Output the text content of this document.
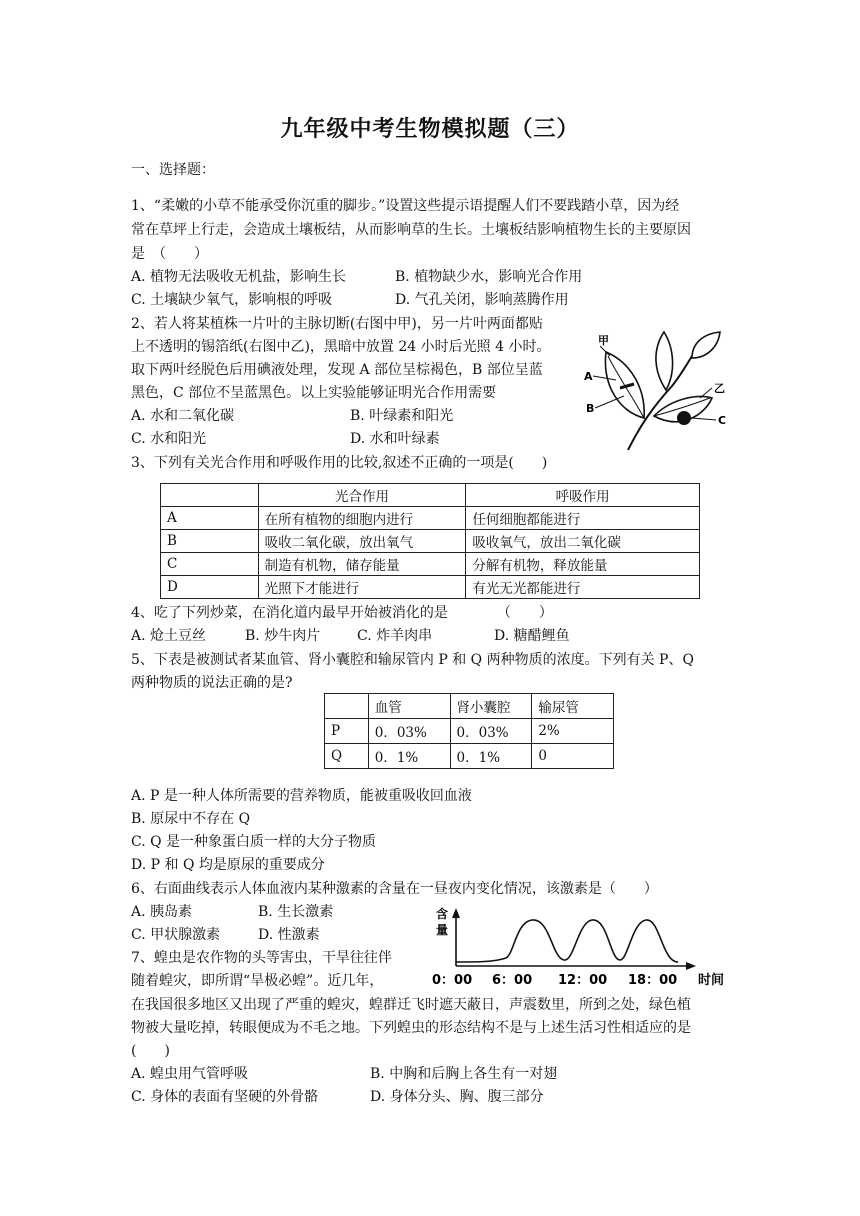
九年级中考生物模拟题（三）
一、选择题：
1、“柔嫩的小草不能承受你沉重的脚步。”设置这些提示语提醒人们不要践踏小草，因为经
常在草坪上行走，会造成土壤板结，从而影响草的生长。土壤板结影响植物生长的主要原因
是　（　　）
A. 植物无法吸收无机盐，影响生长	B. 植物缺少水，影响光合作用
C. 土壤缺少氧气，影响根的呼吸	D. 气孔关闭，影响蒸腾作用
2、若人将某植株一片叶的主脉切断(右图中甲)，另一片叶两面都贴
上不透明的锡箔纸(右图中乙)，黑暗中放置 24 小时后光照 4 小时。
取下两叶经脱色后用碘液处理，发现 A 部位呈棕褐色，B 部位呈蓝
黑色，C 部位不呈蓝黑色。以上实验能够证明光合作用需要
A. 水和二氧化碳	B. 叶绿素和阳光
C. 水和阳光	D. 水和叶绿素
甲
A
B
乙
C
3、下列有关光合作用和呼吸作用的比较,叙述不正确的一项是(　　)
	光合作用	呼吸作用
A	在所有植物的细胞内进行	任何细胞都能进行
B	吸收二氧化碳，放出氧气	吸收氧气，放出二氧化碳
C	制造有机物，储存能量	分解有机物，释放能量
D	光照下才能进行	有光无光都能进行
4、吃了下列炒菜，在消化道内最早开始被消化的是　　　　（　　）
A. 炝土豆丝	B. 炒牛肉片	C. 炸羊肉串	D. 糖醋鲤鱼
5、下表是被测试者某血管、肾小囊腔和输尿管内 P 和 Q 两种物质的浓度。下列有关 P、Q
两种物质的说法正确的是?
	血管	肾小囊腔	输尿管
P	0．03%	0．03%	2%
Q	0．1%	0．1%	0
A. P 是一种人体所需要的营养物质，能被重吸收回血液
B. 原尿中不存在 Q
C. Q 是一种象蛋白质一样的大分子物质
D. P 和 Q 均是原尿的重要成分
6、右面曲线表示人体血液内某种激素的含量在一昼夜内变化情况，该激素是（　　）
A. 胰岛素	B. 生长激素
C. 甲状腺激素	D. 性激素
含
量
0：00 6：00 12：00 18：00 时间
7、蝗虫是农作物的头等害虫，干旱往往伴
随着蝗灾，即所谓“旱极必蝗”。近几年，
在我国很多地区又出现了严重的蝗灾，蝗群迁飞时遮天蔽日，声震数里，所到之处，绿色植
物被大量吃掉，转眼便成为不毛之地。下列蝗虫的形态结构不是与上述生活习性相适应的是
(　　)
A. 蝗虫用气管呼吸	B. 中胸和后胸上各生有一对翅
C. 身体的表面有坚硬的外骨骼	D. 身体分头、胸、腹三部分
